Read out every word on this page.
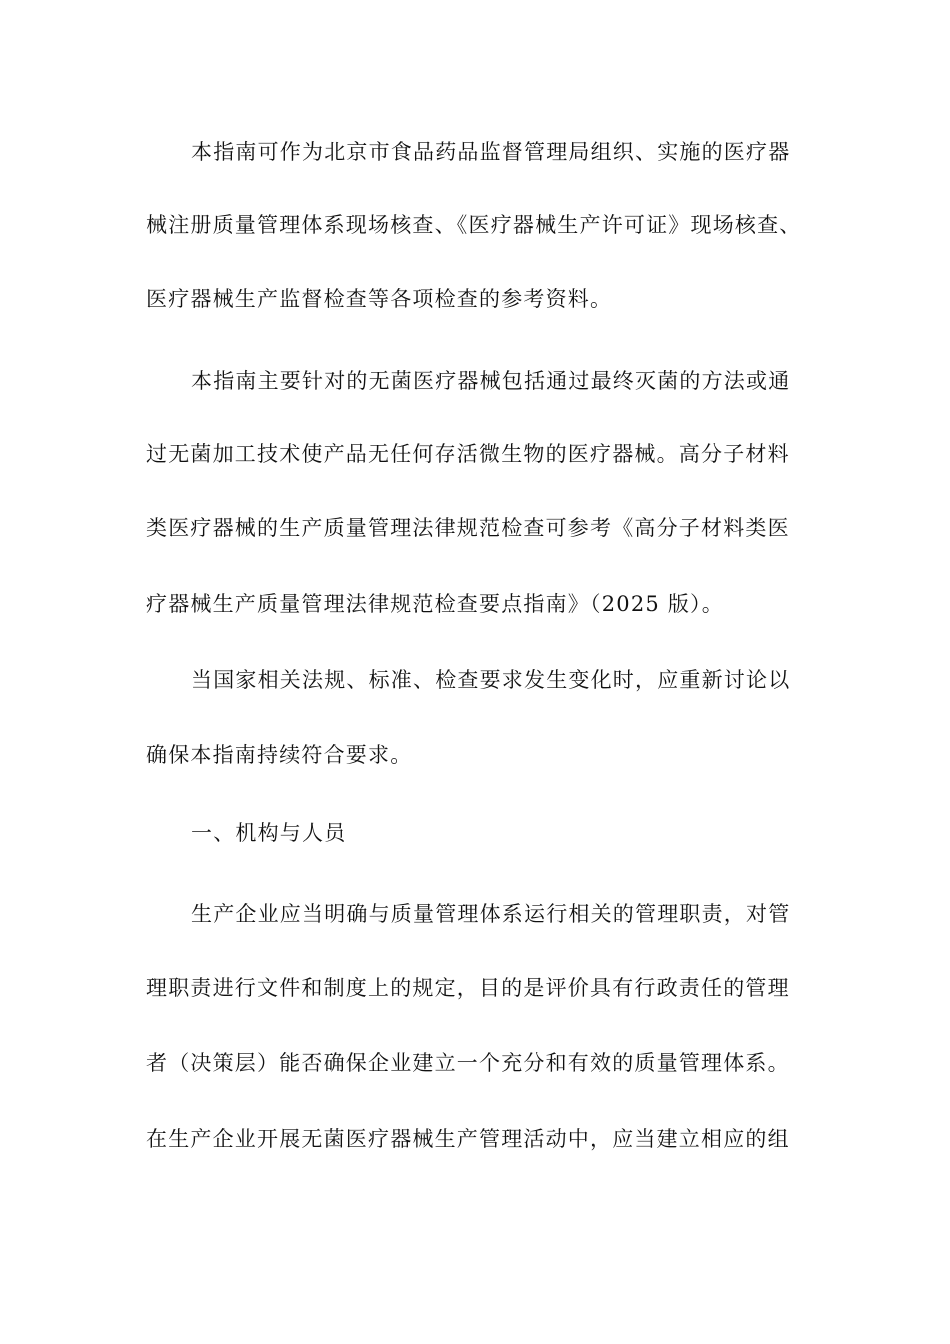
本指南可作为北京市食品药品监督管理局组织、实施的医疗器
械注册质量管理体系现场核查、《医疗器械生产许可证》现场核查、
医疗器械生产监督检查等各项检查的参考资料。
本指南主要针对的无菌医疗器械包括通过最终灭菌的方法或通
过无菌加工技术使产品无任何存活微生物的医疗器械。高分子材料
类医疗器械的生产质量管理法律规范检查可参考《高分子材料类医
疗器械生产质量管理法律规范检查要点指南》（2025 版）。
当国家相关法规、标准、检查要求发生变化时，应重新讨论以
确保本指南持续符合要求。
一、机构与人员
生产企业应当明确与质量管理体系运行相关的管理职责，对管
理职责进行文件和制度上的规定，目的是评价具有行政责任的管理
者（决策层）能否确保企业建立一个充分和有效的质量管理体系。
在生产企业开展无菌医疗器械生产管理活动中，应当建立相应的组
